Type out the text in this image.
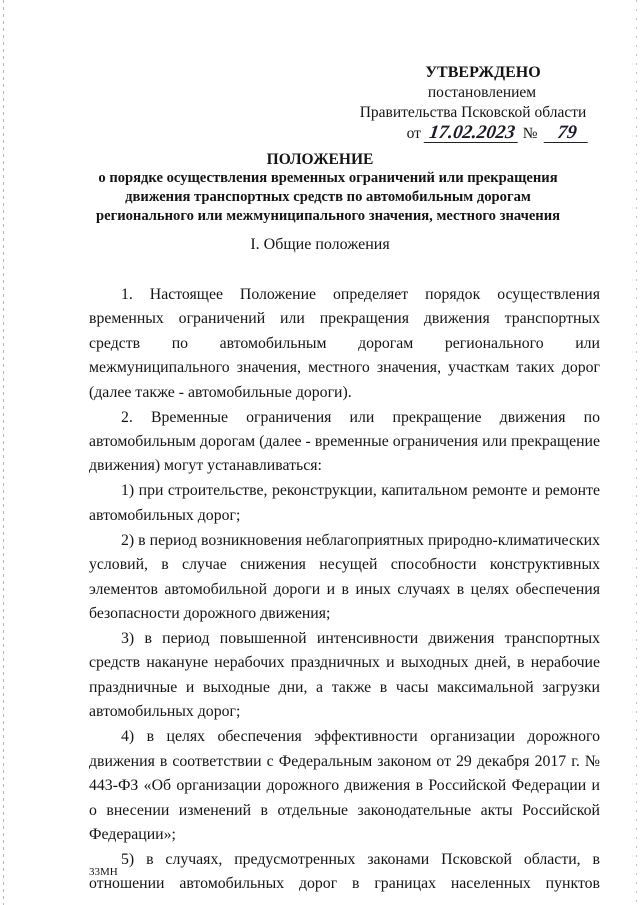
УТВЕРЖДЕНО
постановлением
Правительства Псковской области
от 17.02.2023 № 79
ПОЛОЖЕНИЕ
о порядке осуществления временных ограничений или прекращения движения транспортных средств по автомобильным дорогам регионального или межмуниципального значения, местного значения
I. Общие положения

1. Настоящее Положение определяет порядок осуществления временных ограничений или прекращения движения транспортных средств по автомобильным дорогам регионального или межмуниципального значения, местного значения, участкам таких дорог (далее также - автомобильные дороги).

2. Временные ограничения или прекращение движения по автомобильным дорогам (далее - временные ограничения или прекращение движения) могут устанавливаться:

1) при строительстве, реконструкции, капитальном ремонте и ремонте автомобильных дорог;

2) в период возникновения неблагоприятных природно-климатических условий, в случае снижения несущей способности конструктивных элементов автомобильной дороги и в иных случаях в целях обеспечения безопасности дорожного движения;

3) в период повышенной интенсивности движения транспортных средств накануне нерабочих праздничных и выходных дней, в нерабочие праздничные и выходные дни, а также в часы максимальной загрузки автомобильных дорог;

4) в целях обеспечения эффективности организации дорожного движения в соответствии с Федеральным законом от 29 декабря 2017 г. № 443-ФЗ «Об организации дорожного движения в Российской Федерации и о внесении изменений в отдельные законодательные акты Российской Федерации»;

5) в случаях, предусмотренных законами Псковской области, в отношении автомобильных дорог в границах населенных пунктов

33МН
